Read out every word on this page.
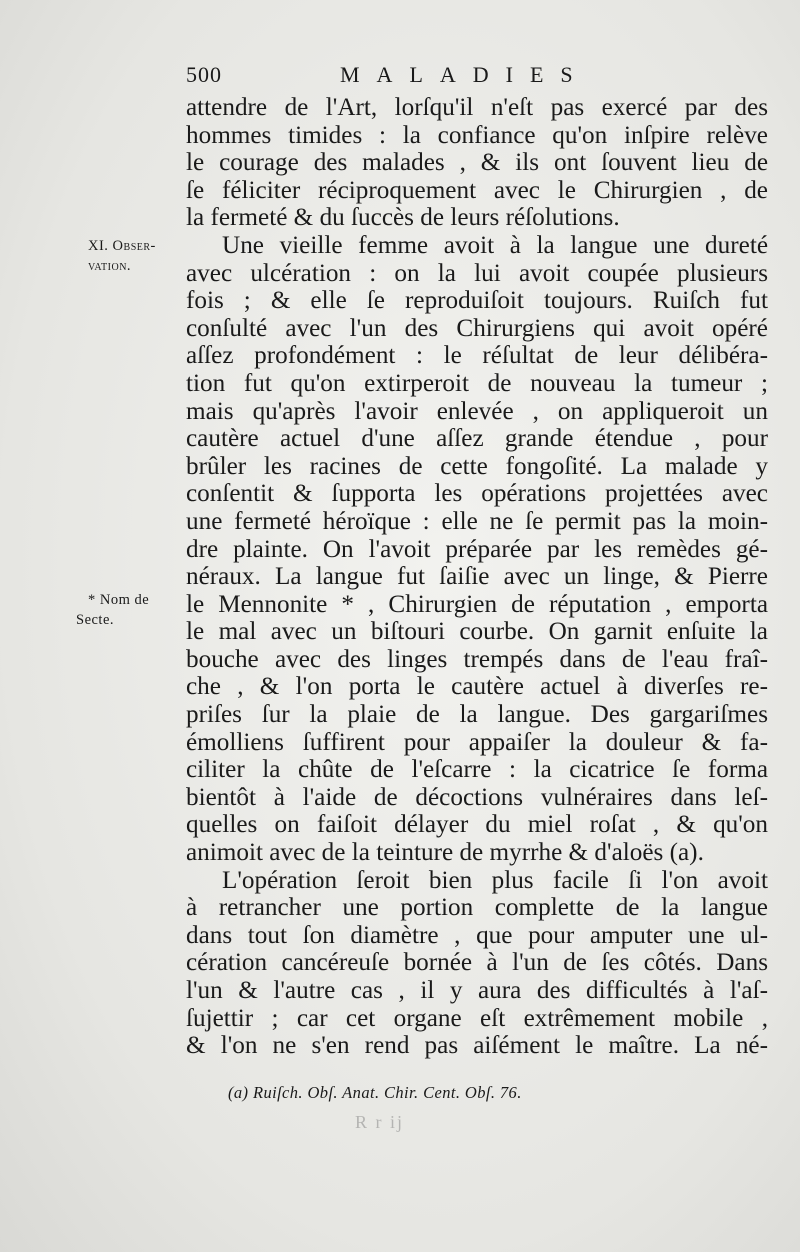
500	MALADIES
XI. Obser-
vation.
* Nom de
Secte.
attendre de l'Art, lorſqu'il n'eſt pas exercé par des
hommes timides : la confiance qu'on inſpire relève
le courage des malades , & ils ont ſouvent lieu de
ſe féliciter réciproquement avec le Chirurgien , de
la fermeté & du ſuccès de leurs réſolutions.
Une vieille femme avoit à la langue une dureté
avec ulcération : on la lui avoit coupée plusieurs
fois ; & elle ſe reproduiſoit toujours. Ruiſch fut
conſulté avec l'un des Chirurgiens qui avoit opéré
aſſez profondément : le réſultat de leur délibéra-
tion fut qu'on extirperoit de nouveau la tumeur ;
mais qu'après l'avoir enlevée , on appliqueroit un
cautère actuel d'une aſſez grande étendue , pour
brûler les racines de cette fongoſité. La malade y
conſentit & ſupporta les opérations projettées avec
une fermeté héroïque : elle ne ſe permit pas la moin-
dre plainte. On l'avoit préparée par les remèdes gé-
néraux. La langue fut ſaiſie avec un linge, & Pierre
le Mennonite * , Chirurgien de réputation , emporta
le mal avec un biſtouri courbe. On garnit enſuite la
bouche avec des linges trempés dans de l'eau fraî-
che , & l'on porta le cautère actuel à diverſes re-
priſes ſur la plaie de la langue. Des gargariſmes
émolliens ſuffirent pour appaiſer la douleur & fa-
ciliter la chûte de l'eſcarre : la cicatrice ſe forma
bientôt à l'aide de décoctions vulnéraires dans leſ-
quelles on faiſoit délayer du miel roſat , & qu'on
animoit avec de la teinture de myrrhe & d'aloës (a).
L'opération ſeroit bien plus facile ſi l'on avoit
à retrancher une portion complette de la langue
dans tout ſon diamètre , que pour amputer une ul-
cération cancéreuſe bornée à l'un de ſes côtés. Dans
l'un & l'autre cas , il y aura des difficultés à l'aſ-
ſujettir ; car cet organe eſt extrêmement mobile ,
& l'on ne s'en rend pas aiſément le maître. La né-
(a) Ruiſch. Obſ. Anat. Chir. Cent. Obſ. 76.
R r ij
